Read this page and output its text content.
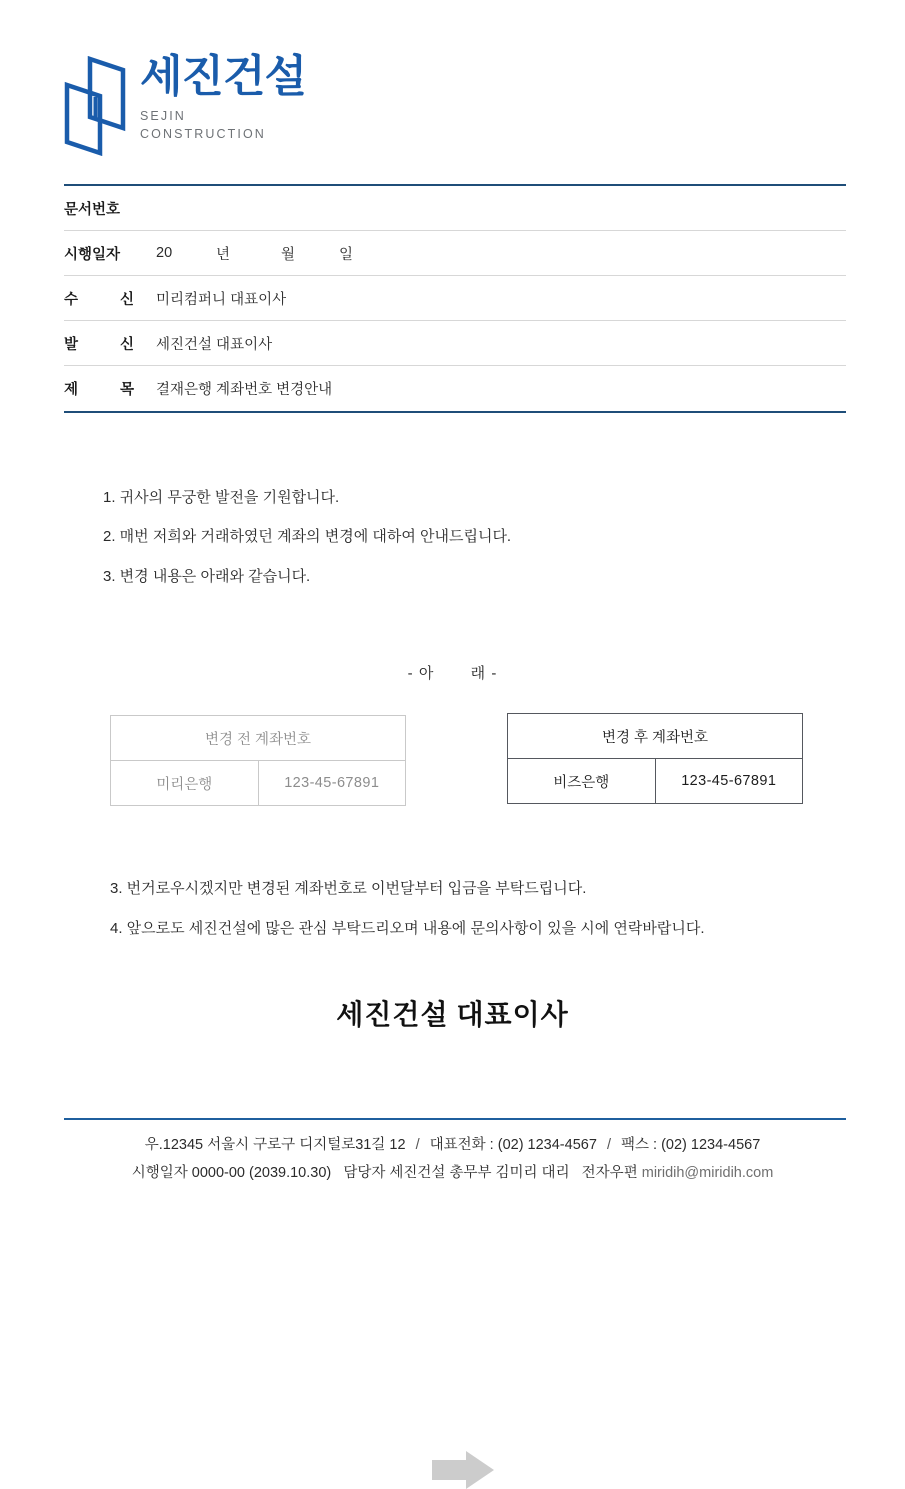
세진건설
SEJIN
CONSTRUCTION
문서번호
시행일자	20	년	월	일
수	신 미리컴퍼니 대표이사
발	신 세진건설 대표이사
제	목 결재은행 계좌번호 변경안내
1. 귀사의 무궁한 발전을 기원합니다.
2. 매번 저희와 거래하였던 계좌의 변경에 대하여 안내드립니다.
3. 변경 내용은 아래와 같습니다.
- 아 래 -
변경 전 계좌번호
미리은행	123-45-67891
변경 후 계좌번호
비즈은행	123-45-67891
3. 번거로우시겠지만 변경된 계좌번호로 이번달부터 입금을 부탁드립니다.
4. 앞으로도 세진건설에 많은 관심 부탁드리오며 내용에 문의사항이 있을 시에 연락바랍니다.
세진건설 대표이사
우.12345 서울시 구로구 디지털로31길 12 / 대표전화 : (02) 1234-4567 / 팩스 : (02) 1234-4567
시행일자 0000-00 (2039.10.30) 담당자 세진건설 총무부 김미리 대리 전자우편 miridih@miridih.com
